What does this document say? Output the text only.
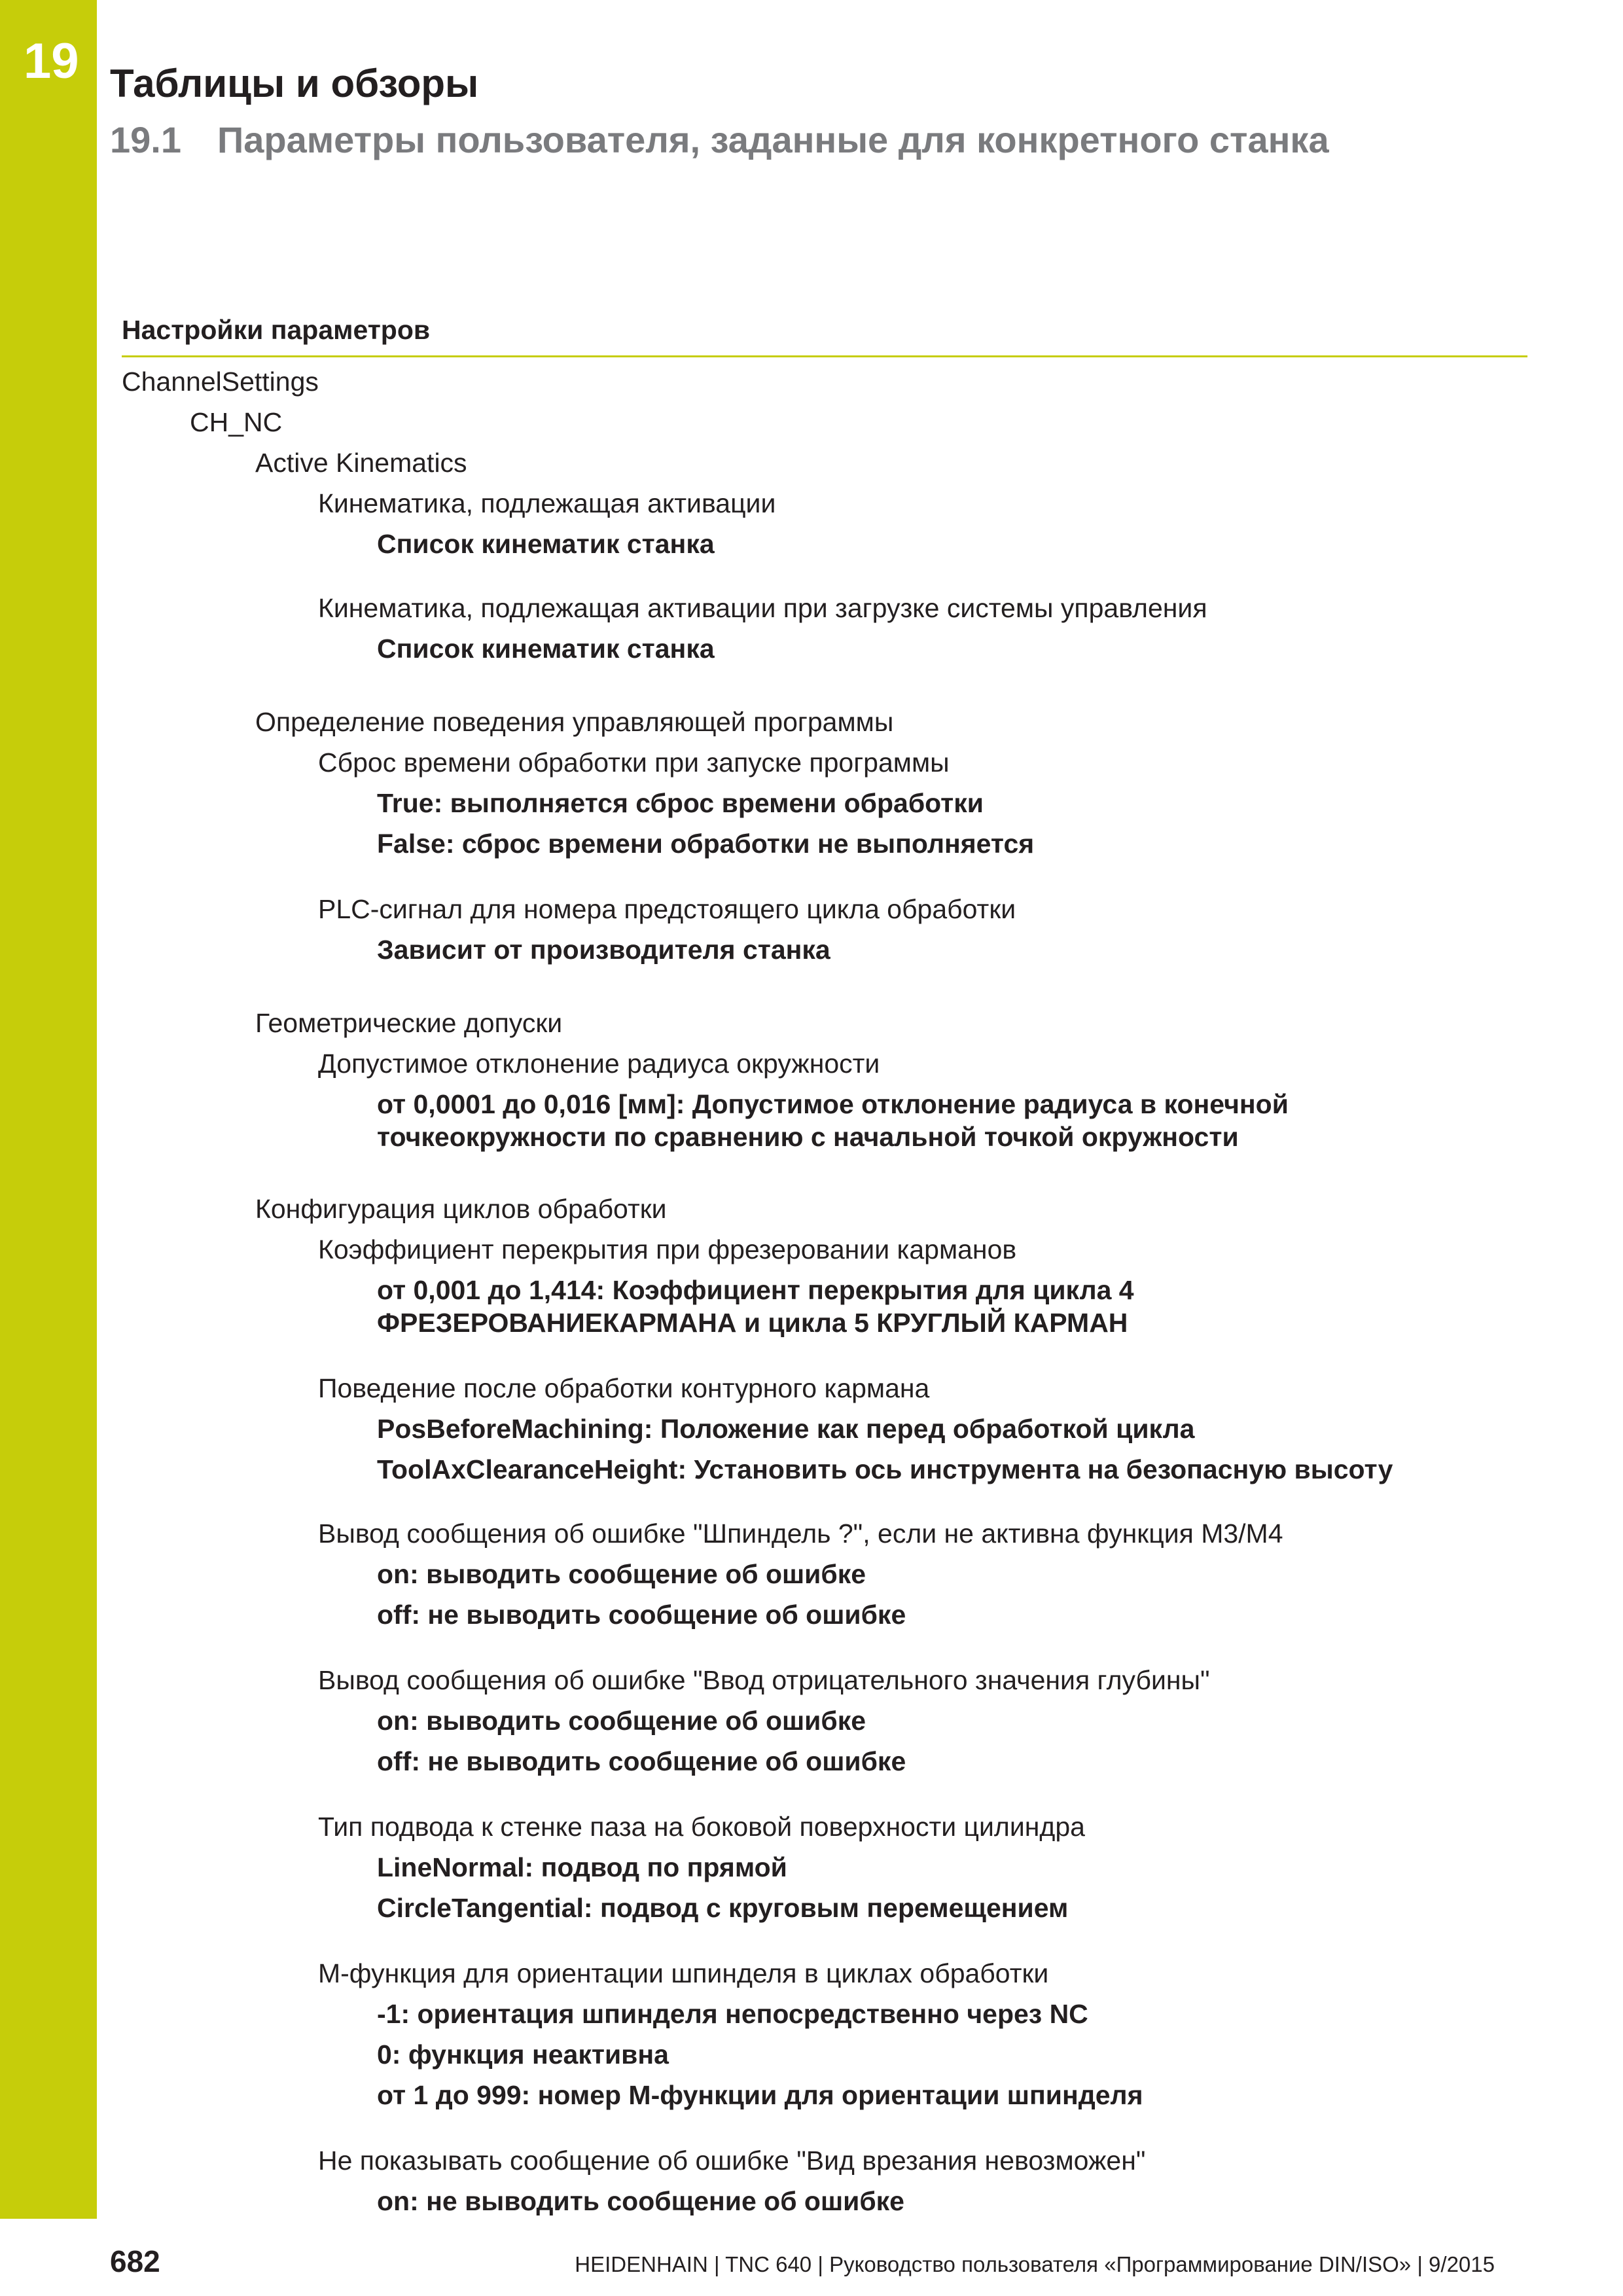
19 Таблицы и обзоры
19.1 Параметры пользователя, заданные для конкретного станка
Настройки параметров
ChannelSettings
CH_NC
Active Kinematics
Кинематика, подлежащая активации
Список кинематик станка
Кинематика, подлежащая активации при загрузке системы управления
Список кинематик станка
Определение поведения управляющей программы
Сброс времени обработки при запуске программы
True: выполняется сброс времени обработки
False: сброс времени обработки не выполняется
PLC-сигнал для номера предстоящего цикла обработки
Зависит от производителя станка
Геометрические допуски
Допустимое отклонение радиуса окружности
от 0,0001 до 0,016 [мм]: Допустимое отклонение радиуса в конечной
точкеокружности по сравнению с начальной точкой окружности
Конфигурация циклов обработки
Коэффициент перекрытия при фрезеровании карманов
от 0,001 до 1,414: Коэффициент перекрытия для цикла 4
ФРЕЗЕРОВАНИЕКАРМАНА и цикла 5 КРУГЛЫЙ КАРМАН
Поведение после обработки контурного кармана
PosBeforeMachining: Положение как перед обработкой цикла
ToolAxClearanceHeight: Установить ось инструмента на безопасную высоту
Вывод сообщения об ошибке "Шпиндель ?", если не активна функция M3/M4
on: выводить сообщение об ошибке
off: не выводить сообщение об ошибке
Вывод сообщения об ошибке "Ввод отрицательного значения глубины"
on: выводить сообщение об ошибке
off: не выводить сообщение об ошибке
Тип подвода к стенке паза на боковой поверхности цилиндра
LineNormal: подвод по прямой
CircleTangential: подвод с круговым перемещением
M-функция для ориентации шпинделя в циклах обработки
-1: ориентация шпинделя непосредственно через NC
0: функция неактивна
от 1 до 999: номер M-функции для ориентации шпинделя
Не показывать сообщение об ошибке "Вид врезания невозможен"
on: не выводить сообщение об ошибке
682	HEIDENHAIN | TNC 640 | Руководство пользователя «Программирование DIN/ISO» | 9/2015
